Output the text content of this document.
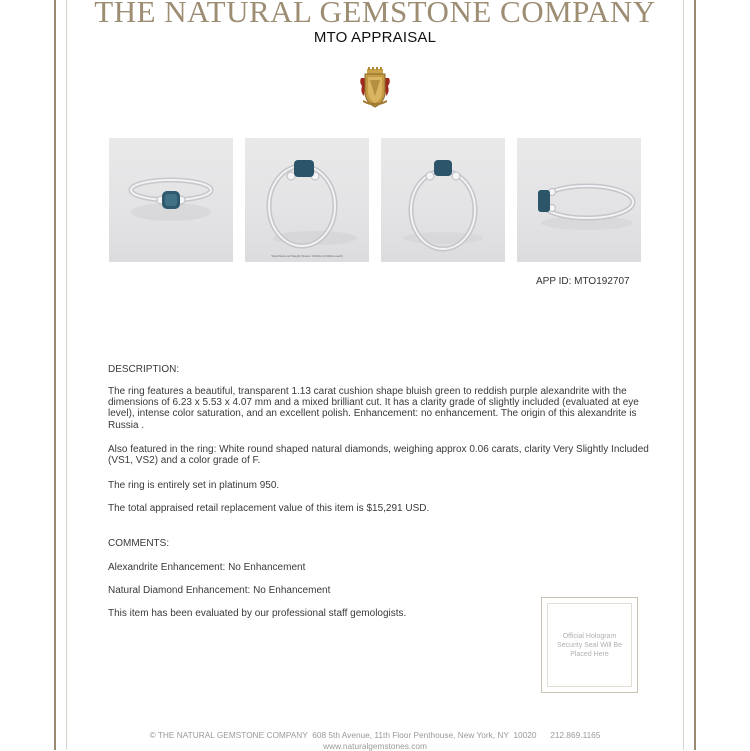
THE NATURAL GEMSTONE COMPANY
MTO APPRAISAL
Total Diamond Weight Shown: 0.06ctw (0.03ctw each)
APP ID: MTO192707
DESCRIPTION:
The ring features a beautiful, transparent 1.13 carat cushion shape bluish green to reddish purple alexandrite with the dimensions of 6.23 x 5.53 x 4.07 mm and a mixed brilliant cut. It has a clarity grade of slightly included (evaluated at eye level), intense color saturation, and an excellent polish. Enhancement: no enhancement. The origin of this alexandrite is Russia .
Also featured in the ring: White round shaped natural diamonds, weighing approx 0.06 carats, clarity Very Slightly Included (VS1, VS2) and a color grade of F.
The ring is entirely set in platinum 950.
The total appraised retail replacement value of this item is $15,291 USD.
COMMENTS:
Alexandrite Enhancement: No Enhancement
Natural Diamond Enhancement: No Enhancement
This item has been evaluated by our professional staff gemologists.
Official Hologram Security Seal Will Be Placed Here
© THE NATURAL GEMSTONE COMPANY  608 5th Avenue, 11th Floor Penthouse, New York, NY  10020      212.869.1165
www.naturalgemstones.com
